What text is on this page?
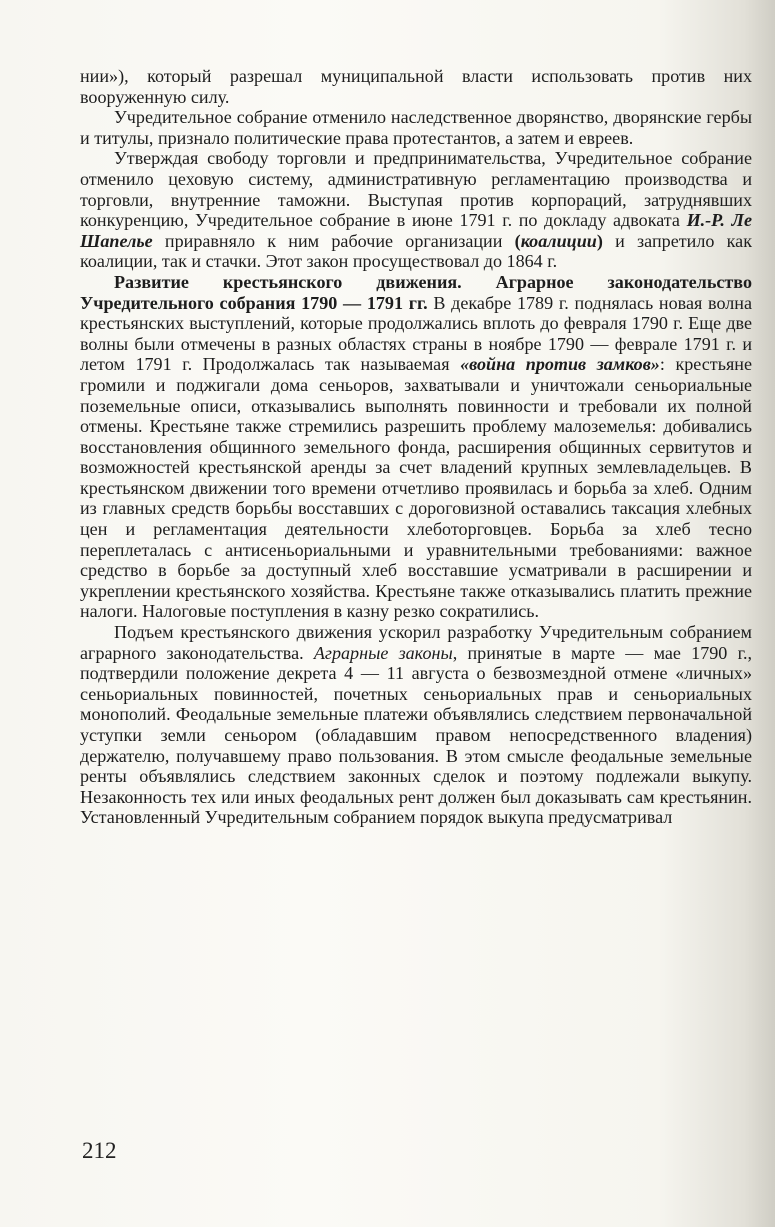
нии»), который разрешал муниципальной власти использовать против них вооруженную силу.

Учредительное собрание отменило наследственное дворянство, дворянские гербы и титулы, признало политические права протестантов, а затем и евреев.

Утверждая свободу торговли и предпринимательства, Учредительное собрание отменило цеховую систему, административную регламентацию производства и торговли, внутренние таможни. Выступая против корпораций, затруднявших конкуренцию, Учредительное собрание в июне 1791 г. по докладу адвоката И.-Р. Ле Шапелье приравняло к ним рабочие организации (коалиции) и запретило как коалиции, так и стачки. Этот закон просуществовал до 1864 г.

Развитие крестьянского движения. Аграрное законодательство Учредительного собрания 1790 — 1791 гг. В декабре 1789 г. поднялась новая волна крестьянских выступлений, которые продолжались вплоть до февраля 1790 г. Еще две волны были отмечены в разных областях страны в ноябре 1790 — феврале 1791 г. и летом 1791 г. Продолжалась так называемая «война против замков»: крестьяне громили и поджигали дома сеньоров, захватывали и уничтожали сеньориальные поземельные описи, отказывались выполнять повинности и требовали их полной отмены. Крестьяне также стремились разрешить проблему малоземелья: добивались восстановления общинного земельного фонда, расширения общинных сервитутов и возможностей крестьянской аренды за счет владений крупных землевладельцев. В крестьянском движении того времени отчетливо проявилась и борьба за хлеб. Одним из главных средств борьбы восставших с дороговизной оставались таксация хлебных цен и регламентация деятельности хлеботорговцев. Борьба за хлеб тесно переплеталась с антисеньориальными и уравнительными требованиями: важное средство в борьбе за доступный хлеб восставшие усматривали в расширении и укреплении крестьянского хозяйства. Крестьяне также отказывались платить прежние налоги. Налоговые поступления в казну резко сократились.

Подъем крестьянского движения ускорил разработку Учредительным собранием аграрного законодательства. Аграрные законы, принятые в марте — мае 1790 г., подтвердили положение декрета 4 — 11 августа о безвозмездной отмене «личных» сеньориальных повинностей, почетных сеньориальных прав и сеньориальных монополий. Феодальные земельные платежи объявлялись следствием первоначальной уступки земли сеньором (обладавшим правом непосредственного владения) держателю, получавшему право пользования. В этом смысле феодальные земельные ренты объявлялись следствием законных сделок и поэтому подлежали выкупу. Незаконность тех или иных феодальных рент должен был доказывать сам крестьянин. Установленный Учредительным собранием порядок выкупа предусматривал

212
